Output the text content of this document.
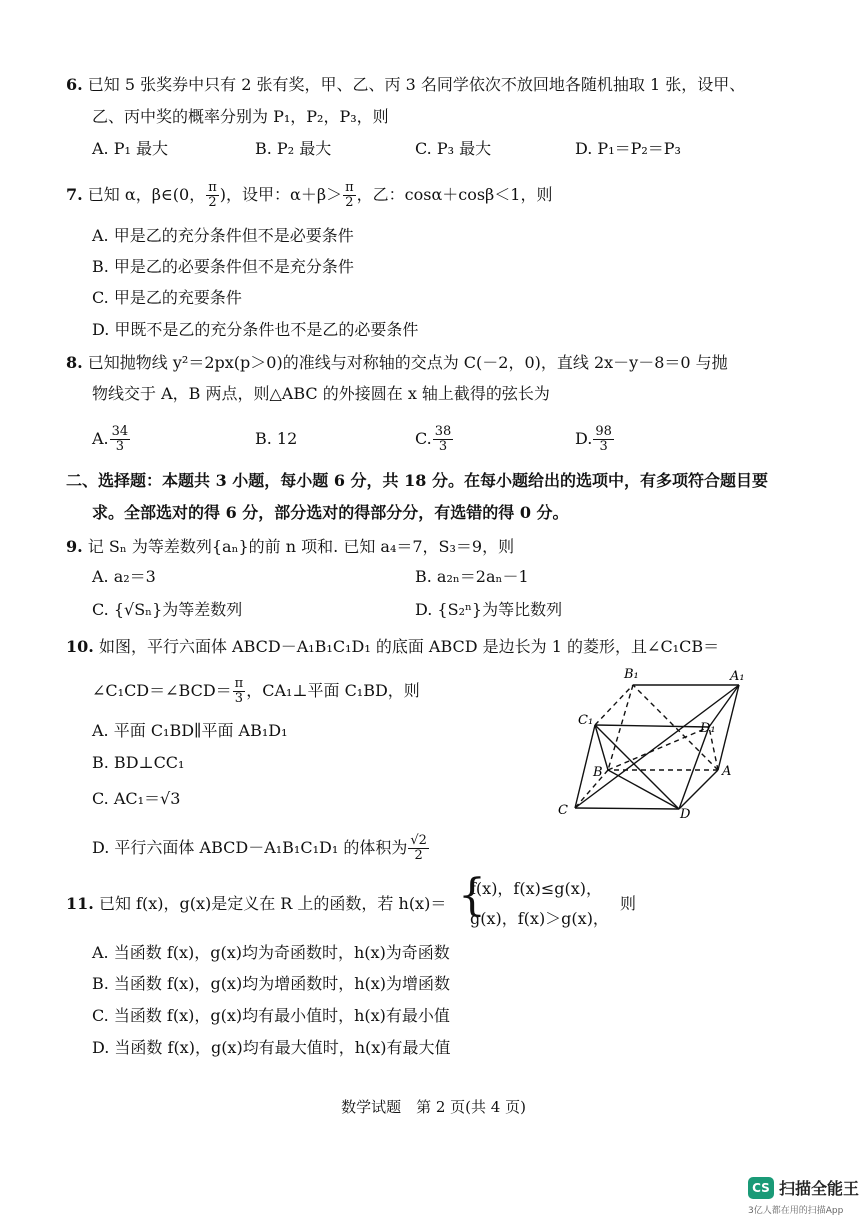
6. 已知 5 张奖券中只有 2 张有奖，甲、乙、丙 3 名同学依次不放回地各随机抽取 1 张，设甲、
乙、丙中奖的概率分别为 P₁，P₂，P₃，则
A. P₁ 最大	B. P₂ 最大	C. P₃ 最大	D. P₁＝P₂＝P₃
7. 已知 α，β∈(0， $\frac{\pi}{2}$ )，设甲：$\alpha+\beta> \frac{\pi}{2}$ ，乙：cosα＋cosβ＜1，则
A. 甲是乙的充分条件但不是必要条件
B. 甲是乙的必要条件但不是充分条件
C. 甲是乙的充要条件
D. 甲既不是乙的充分条件也不是乙的必要条件
8. 已知抛物线 y²＝2px(p＞0)的准线与对称轴的交点为 C(－2，0)，直线 2x－y－8＝0 与抛
物线交于 A，B 两点，则△ABC 的外接圆在 x 轴上截得的弦长为
A. $\frac{34}{3}$	B. 12	C. $\frac{38}{3}$	D. $\frac{98}{3}$
二、选择题：本题共 3 小题，每小题 6 分，共 18 分。在每小题给出的选项中，有多项符合题目要
求。全部选对的得 6 分，部分选对的得部分分，有选错的得 0 分。
9. 记 Sₙ 为等差数列{aₙ}的前 n 项和. 已知 a₄＝7，S₃＝9，则
A. a₂＝3	B. a₂ₙ＝2aₙ－1
C. {√Sₙ}为等差数列	D. {S₂ⁿ}为等比数列
10. 如图，平行六面体 ABCD－A₁B₁C₁D₁ 的底面 ABCD 是边长为 1 的菱形，且∠C₁CB＝
∠C₁CD＝∠BCD＝ $\frac{\pi}{3}$ ，CA₁⊥平面 C₁BD，则
A. 平面 C₁BD∥平面 AB₁D₁
B. BD⊥CC₁
C. AC₁＝√3
D. 平行六面体 ABCD－A₁B₁C₁D₁ 的体积为 $\frac{√2}{2}$
B₁	A₁
C₁
D₁
B	A
C	D
11. 已知 f(x)，g(x)是定义在 R 上的函数，若 h(x)＝ {
f(x)，f(x)≤g(x)，
g(x)，f(x)＞g(x)，
则
A. 当函数 f(x)，g(x)均为奇函数时，h(x)为奇函数
B. 当函数 f(x)，g(x)均为增函数时，h(x)为增函数
C. 当函数 f(x)，g(x)均有最小值时，h(x)有最小值
D. 当函数 f(x)，g(x)均有最大值时，h(x)有最大值
数学试题　第 2 页(共 4 页)
CS 扫描全能王
3亿人都在用的扫描App
